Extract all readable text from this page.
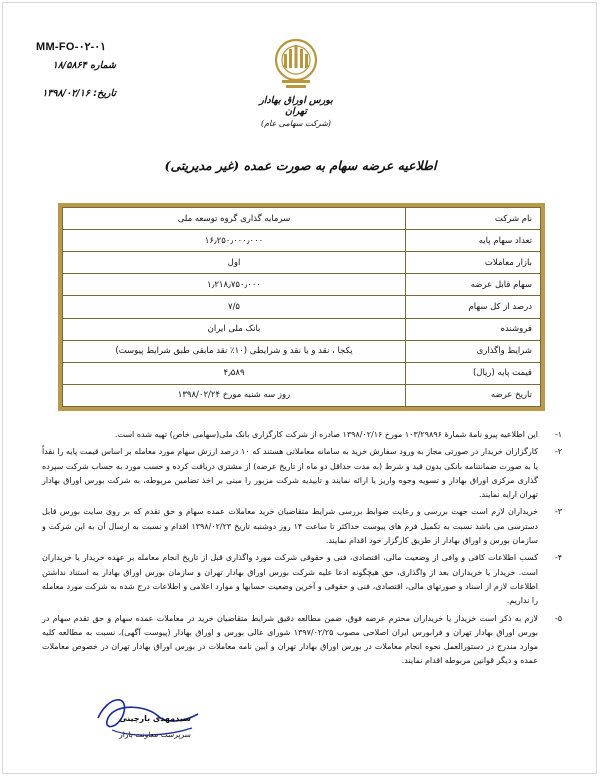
MM-FO-۰۲-۰۱
شماره ۱۸/۵۸۶۴
تاریخ: ۱۳۹۸/۰۲/۱۶
بورس اوراق بهادار تهران
(شرکت سهامی عام)
اطلاعیه عرضه سهام به صورت عمده (غیر مدیریتی)
نام شرکت	سرمایه گذاری گروه توسعه ملی
تعداد سهام پایه	۱۶٫۲۵۰٫۰۰۰٫۰۰۰
بازار معاملات	اول
سهام قابل عرضه	۱٫۲۱۸٫۷۵۰٫۰۰۰
درصد از کل سهام	۷/۵
فروشنده	بانک ملی ایران
شرایط واگذاری	یکجا ، نقد و یا نقد و شرایطی (۱۰٪ نقد مابقی طبق شرایط پیوست)
قیمت پایه (ریال)	۴٫۵۸۹
تاریخ عرضه	روز سه شنبه مورخ ۱۳۹۸/۰۲/۲۴
۱-
این اطلاعیه پیرو نامۀ شمارۀ ۱۰۳/۲۹۸۹۶ مورخ ۱۳۹۸/۰۲/۱۶ صادره از شرکت کارگزاری بانک ملی(سهامی خاص) تهیه شده است.
۲-
کارگزاران خریدار در صورتی مجاز به ورود سفارش خرید به سامانه معاملاتی هستند که ۱۰ درصد ارزش سهام مورد معامله بر اساس قیمت پایه را نقداً یا به صورت ضمانتنامه بانکی بدون قید و شرط (به مدت حداقل دو ماه از تاریخ عرضه) از مشتری دریافت کرده و حسب مورد به حساب شرکت سپرده گذاری مرکزی اوراق بهادار و تسویه وجوه واریز یا ارائه نمایند و تاییدیه شرکت مزبور را مبنی بر اخذ تضامین مربوطه، به شرکت بورس اوراق بهادار تهران ارایه نمایند.
۳-
خریداران لازم است جهت بررسی و رعایت ضوابط بررسی شرایط متقاضیان خرید معاملات عمده سهام و حق تقدم که بر روی سایت بورس قابل دسترسی می باشد نسبت به تکمیل فرم های پیوست حداکثر تا ساعت ۱۴ روز دوشنبه تاریخ ۱۳۹۸/۰۲/۲۳ اقدام و نسبت به ارسال آن به این شرکت و سازمان بورس و اوراق بهادار از طریق کارگزار خود اقدام نمایند.
۴-
کسب اطلاعات کافی و وافی از وضعیت مالی، اقتصادی، فنی و حقوقی شرکت مورد واگذاری قبل از تاریخ انجام معامله بر عهده خریدار یا خریداران است. خریدار یا خریداران بعد از واگذاری، حق هیچگونه ادعا علیه شرکت بورس اوراق بهادار تهران و سازمان بورس اوراق بهادار به استناد نداشتن اطلاعات لازم از اسناد و صورتهای مالی، اقتصادی، فنی و حقوقی و آخرین وضعیت حسابها و موارد اعلامی و اطلاعات درج شده به شرکت مورد معامله را نداریم.
۵-
لازم به ذکر است خریدار یا خریداران محترم عرضه فوق، ضمن مطالعه دقیق شرایط متقاضیان خرید در معاملات عمده سهام و حق تقدم سهام در بورس اوراق بهادار تهران و فرابورس ایران اصلاحی مصوب ۱۳۹۷/۰۲/۲۵ شورای عالی بورس و اوراق بهادار (پیوست آگهی)، نسبت به مطالعه کلیه موارد مندرج در دستورالعمل نحوه انجام معاملات در بورس اوراق بهادار تهران و آیین نامه معاملات در بورس اوراق بهادار تهران در خصوص معاملات عمده و دیگر قوانین مربوطه اقدام نمایند.
سیدمهدی بارچینی
سرپرست معاونت بازار
